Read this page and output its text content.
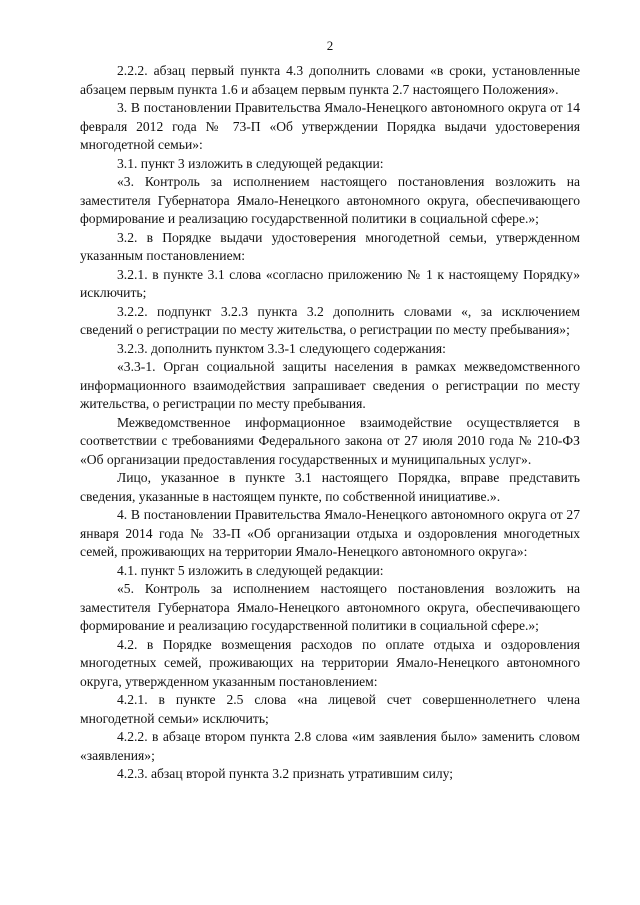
2

2.2.2. абзац первый пункта 4.3 дополнить словами «в сроки, установленные абзацем первым пункта 1.6 и абзацем первым пункта 2.7 настоящего Положения».

3. В постановлении Правительства Ямало-Ненецкого автономного округа от 14 февраля 2012 года № 73-П «Об утверждении Порядка выдачи удостоверения многодетной семьи»:

3.1. пункт 3 изложить в следующей редакции:

«3. Контроль за исполнением настоящего постановления возложить на заместителя Губернатора Ямало-Ненецкого автономного округа, обеспечивающего формирование и реализацию государственной политики в социальной сфере.»;

3.2. в Порядке выдачи удостоверения многодетной семьи, утвержденном указанным постановлением:

3.2.1. в пункте 3.1 слова «согласно приложению № 1 к настоящему Порядку» исключить;

3.2.2. подпункт 3.2.3 пункта 3.2 дополнить словами «, за исключением сведений о регистрации по месту жительства, о регистрации по месту пребывания»;

3.2.3. дополнить пунктом 3.3-1 следующего содержания:

«3.3-1. Орган социальной защиты населения в рамках межведомственного информационного взаимодействия запрашивает сведения о регистрации по месту жительства, о регистрации по месту пребывания.

Межведомственное информационное взаимодействие осуществляется в соответствии с требованиями Федерального закона от 27 июля 2010 года № 210-ФЗ «Об организации предоставления государственных и муниципальных услуг».

Лицо, указанное в пункте 3.1 настоящего Порядка, вправе представить сведения, указанные в настоящем пункте, по собственной инициативе.».

4. В постановлении Правительства Ямало-Ненецкого автономного округа от 27 января 2014 года № 33-П «Об организации отдыха и оздоровления многодетных семей, проживающих на территории Ямало-Ненецкого автономного округа»:

4.1. пункт 5 изложить в следующей редакции:

«5. Контроль за исполнением настоящего постановления возложить на заместителя Губернатора Ямало-Ненецкого автономного округа, обеспечивающего формирование и реализацию государственной политики в социальной сфере.»;

4.2. в Порядке возмещения расходов по оплате отдыха и оздоровления многодетных семей, проживающих на территории Ямало-Ненецкого автономного округа, утвержденном указанным постановлением:

4.2.1. в пункте 2.5 слова «на лицевой счет совершеннолетнего члена многодетной семьи» исключить;

4.2.2. в абзаце втором пункта 2.8 слова «им заявления было» заменить словом «заявления»;

4.2.3. абзац второй пункта 3.2 признать утратившим силу;
